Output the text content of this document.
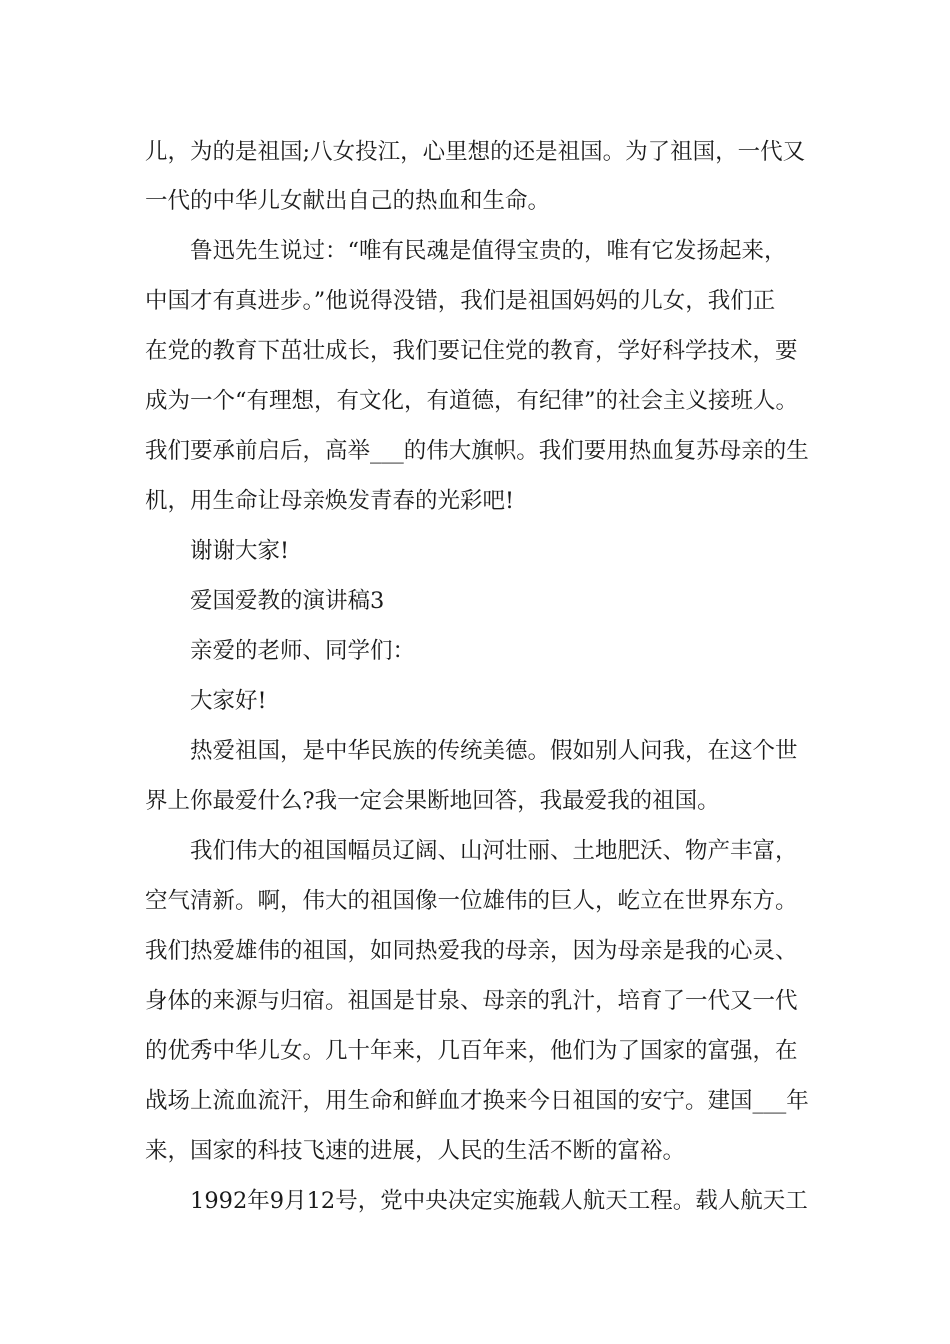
儿，为的是祖国;八女投江，心里想的还是祖国。为了祖国，一代又
一代的中华儿女献出自己的热血和生命。
鲁迅先生说过：“唯有民魂是值得宝贵的，唯有它发扬起来，
中国才有真进步。”他说得没错，我们是祖国妈妈的儿女，我们正
在党的教育下茁壮成长，我们要记住党的教育，学好科学技术，要
成为一个“有理想，有文化，有道德，有纪律”的社会主义接班人。
我们要承前启后，高举___的伟大旗帜。我们要用热血复苏母亲的生
机，用生命让母亲焕发青春的光彩吧!
谢谢大家!
爱国爱教的演讲稿3
亲爱的老师、同学们：
大家好!
热爱祖国，是中华民族的传统美德。假如别人问我，在这个世
界上你最爱什么?我一定会果断地回答，我最爱我的祖国。
我们伟大的祖国幅员辽阔、山河壮丽、土地肥沃、物产丰富，
空气清新。啊，伟大的祖国像一位雄伟的巨人，屹立在世界东方。
我们热爱雄伟的祖国，如同热爱我的母亲，因为母亲是我的心灵、
身体的来源与归宿。祖国是甘泉、母亲的乳汁，培育了一代又一代
的优秀中华儿女。几十年来，几百年来，他们为了国家的富强，在
战场上流血流汗，用生命和鲜血才换来今日祖国的安宁。建国___年
来，国家的科技飞速的进展，人民的生活不断的富裕。
1992年9月12号，党中央决定实施载人航天工程。载人航天工
